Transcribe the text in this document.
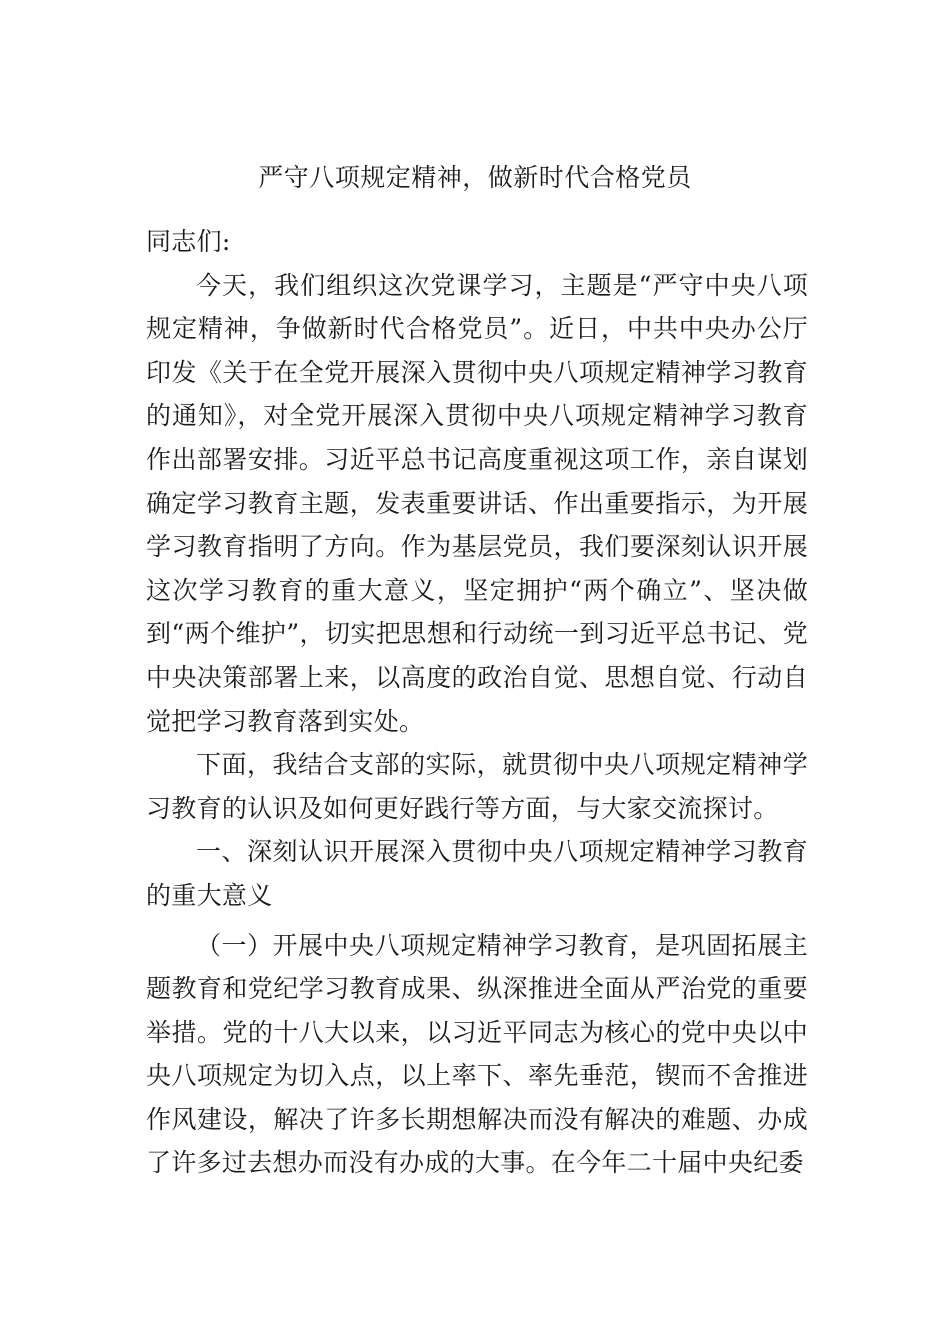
严守八项规定精神，做新时代合格党员

同志们:

今天，我们组织这次党课学习，主题是“严守中央八项规定精神，争做新时代合格党员”。近日，中共中央办公厅印发《关于在全党开展深入贯彻中央八项规定精神学习教育的通知》，对全党开展深入贯彻中央八项规定精神学习教育作出部署安排。习近平总书记高度重视这项工作，亲自谋划确定学习教育主题，发表重要讲话、作出重要指示，为开展学习教育指明了方向。作为基层党员，我们要深刻认识开展这次学习教育的重大意义，坚定拥护“两个确立”、坚决做到“两个维护”，切实把思想和行动统一到习近平总书记、党中央决策部署上来，以高度的政治自觉、思想自觉、行动自觉把学习教育落到实处。

下面，我结合支部的实际，就贯彻中央八项规定精神学习教育的认识及如何更好践行等方面，与大家交流探讨。

一、深刻认识开展深入贯彻中央八项规定精神学习教育的重大意义

（一）开展中央八项规定精神学习教育，是巩固拓展主题教育和党纪学习教育成果、纵深推进全面从严治党的重要举措。党的十八大以来，以习近平同志为核心的党中央以中央八项规定为切入点，以上率下、率先垂范，锲而不舍推进作风建设，解决了许多长期想解决而没有解决的难题、办成了许多过去想办而没有办成的大事。在今年二十届中央纪委
